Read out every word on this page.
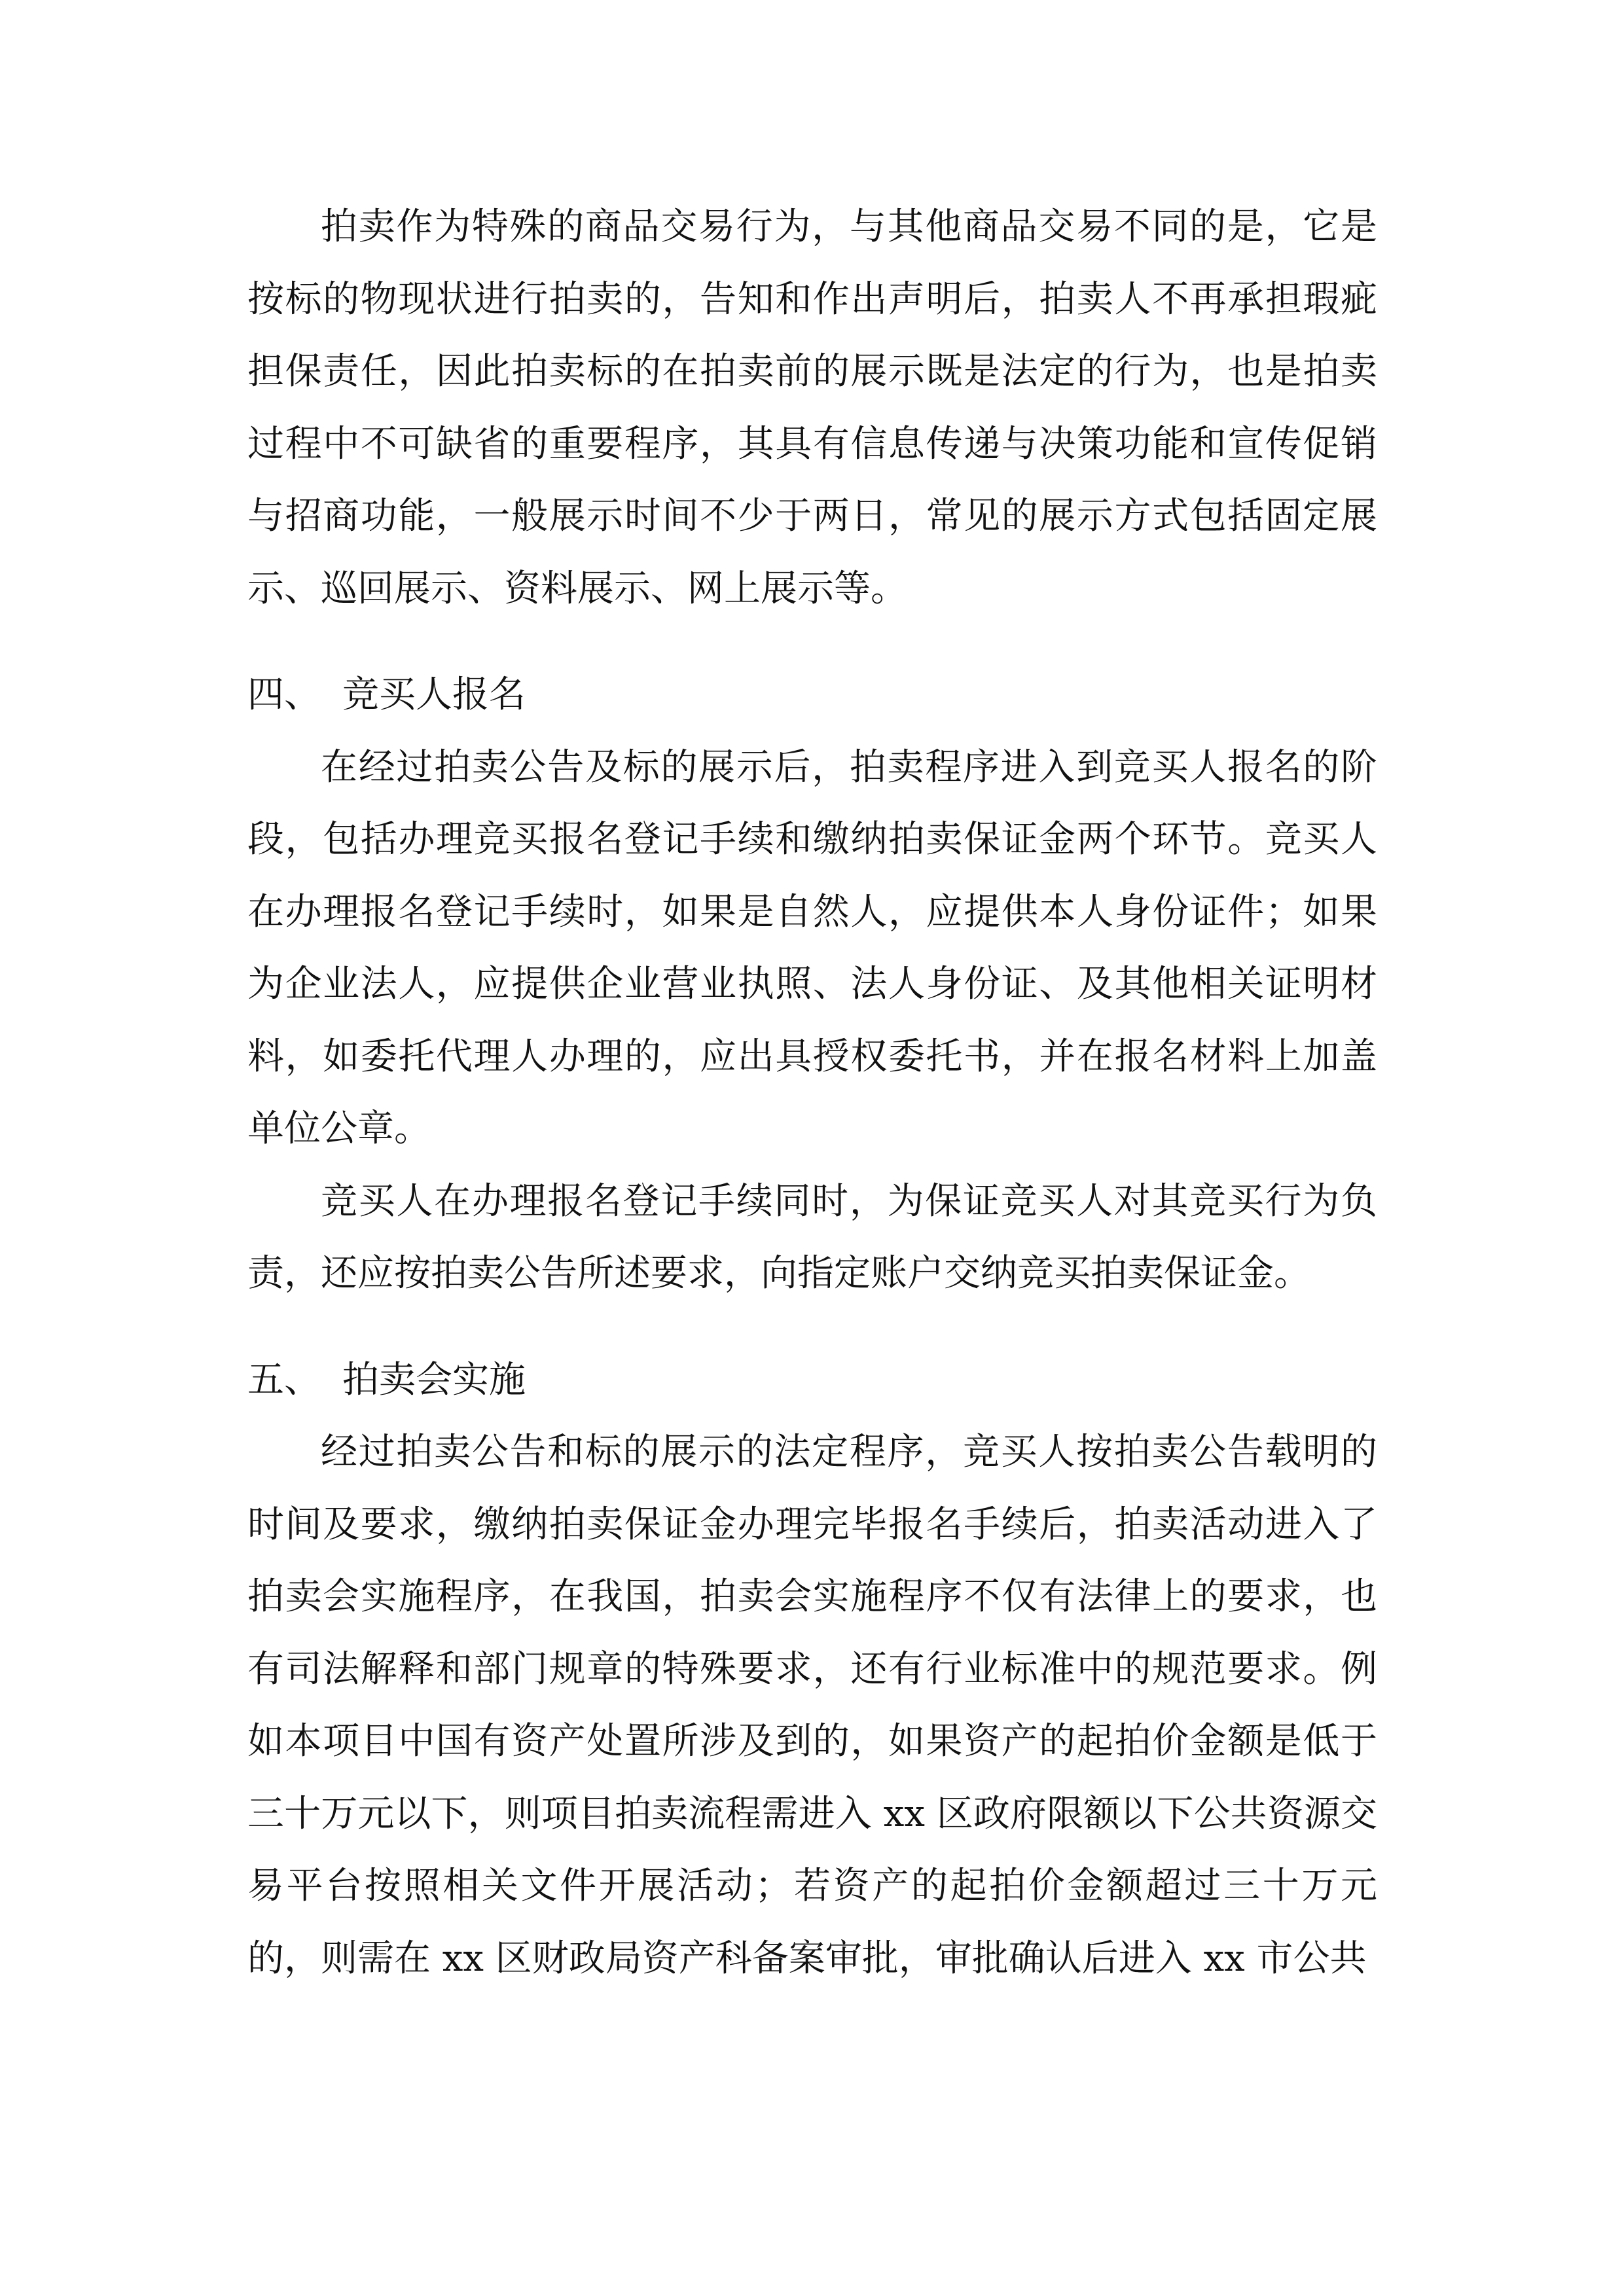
拍卖作为特殊的商品交易行为，与其他商品交易不同的是，它是按标的物现状进行拍卖的，告知和作出声明后，拍卖人不再承担瑕疵担保责任，因此拍卖标的在拍卖前的展示既是法定的行为，也是拍卖过程中不可缺省的重要程序，其具有信息传递与决策功能和宣传促销与招商功能，一般展示时间不少于两日，常见的展示方式包括固定展示、巡回展示、资料展示、网上展示等。

四、 竞买人报名

在经过拍卖公告及标的展示后，拍卖程序进入到竞买人报名的阶段，包括办理竞买报名登记手续和缴纳拍卖保证金两个环节。竞买人在办理报名登记手续时，如果是自然人，应提供本人身份证件；如果为企业法人，应提供企业营业执照、法人身份证、及其他相关证明材料，如委托代理人办理的，应出具授权委托书，并在报名材料上加盖单位公章。

竞买人在办理报名登记手续同时，为保证竞买人对其竞买行为负责，还应按拍卖公告所述要求，向指定账户交纳竞买拍卖保证金。

五、 拍卖会实施

经过拍卖公告和标的展示的法定程序，竞买人按拍卖公告载明的时间及要求，缴纳拍卖保证金办理完毕报名手续后，拍卖活动进入了拍卖会实施程序，在我国，拍卖会实施程序不仅有法律上的要求，也有司法解释和部门规章的特殊要求，还有行业标准中的规范要求。例如本项目中国有资产处置所涉及到的，如果资产的起拍价金额是低于三十万元以下，则项目拍卖流程需进入 xx 区政府限额以下公共资源交易平台按照相关文件开展活动；若资产的起拍价金额超过三十万元的，则需在 xx 区财政局资产科备案审批，审批确认后进入 xx 市公共
